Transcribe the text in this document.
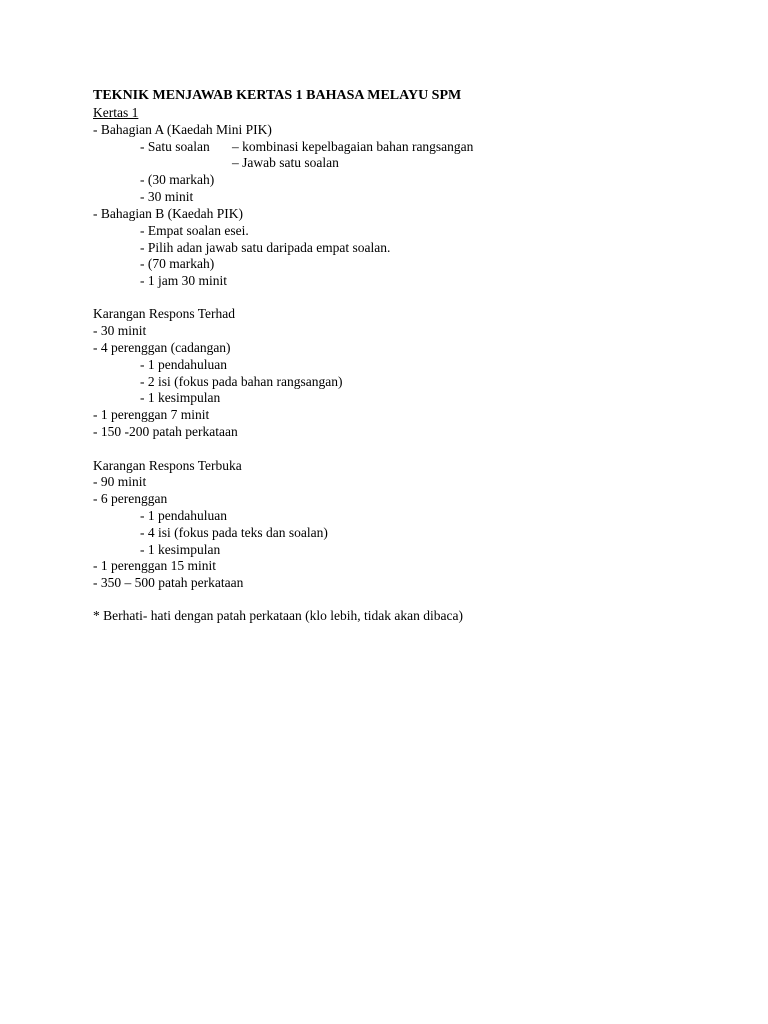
TEKNIK MENJAWAB KERTAS 1 BAHASA MELAYU SPM
Kertas 1
- Bahagian A (Kaedah Mini PIK)
- Satu soalan – kombinasi kepelbagaian bahan rangsangan
– Jawab satu soalan
- (30 markah)
- 30 minit
- Bahagian B (Kaedah PIK)
- Empat soalan esei.
- Pilih adan jawab satu daripada empat soalan.
- (70 markah)
- 1 jam 30 minit
Karangan Respons Terhad
- 30 minit
- 4 perenggan (cadangan)
- 1 pendahuluan
- 2 isi (fokus pada bahan rangsangan)
- 1 kesimpulan
- 1 perenggan 7 minit
- 150 -200 patah perkataan
Karangan Respons Terbuka
- 90 minit
- 6 perenggan
- 1 pendahuluan
- 4 isi (fokus pada teks dan soalan)
- 1 kesimpulan
- 1 perenggan 15 minit
- 350 – 500 patah perkataan
* Berhati- hati dengan patah perkataan (klo lebih, tidak akan dibaca)
